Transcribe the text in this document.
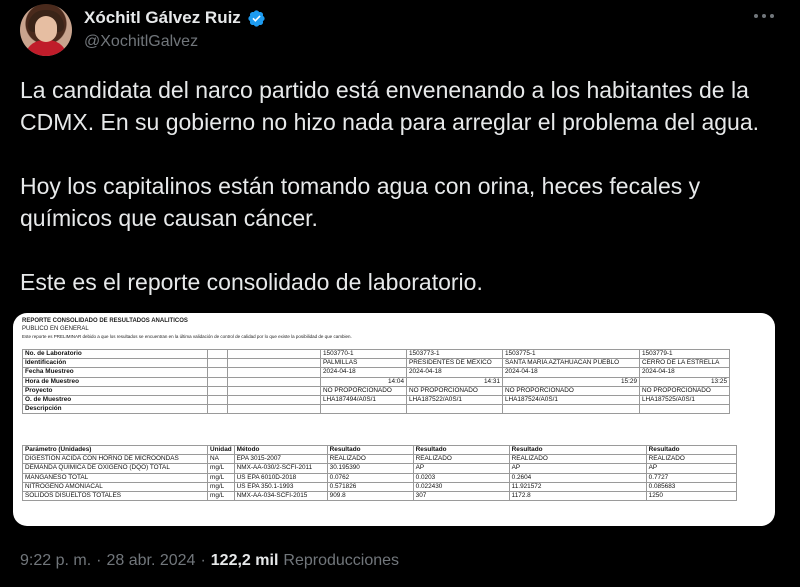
Xóchitl Gálvez Ruiz
@XochitlGalvez

La candidata del narco partido está envenenando a los habitantes de la CDMX. En su gobierno no hizo nada para arreglar el problema del agua.

Hoy los capitalinos están tomando agua con orina, heces fecales y químicos que causan cáncer.

Este es el reporte consolidado de laboratorio.

REPORTE CONSOLIDADO DE RESULTADOS ANALITICOS
PUBLICO EN GENERAL
Este reporte es PRELIMINAR debido a que los resultados se encuentran en la última validación de control de calidad por lo que existe la posibilidad de que cambien.
No. de Laboratorio			1503770-1	1503773-1	1503775-1	1503779-1
Identificación			PALMILLAS	PRESIDENTES DE MÉXICO	SANTA MARÍA AZTAHUACAN PUEBLO	CERRO DE LA ESTRELLA
Fecha Muestreo			2024-04-18	2024-04-18	2024-04-18	2024-04-18
Hora de Muestreo			14:04	14:31	15:29	13:25
Proyecto			NO PROPORCIONADO	NO PROPORCIONADO	NO PROPORCIONADO	NO PROPORCIONADO
O. de Muestreo			LHA187494/A0S/1	LHA187522/A0S/1	LHA187524/A0S/1	LHA187525/A0S/1
Descripción						
Parámetro (Unidades)	Unidad	Método	Resultado	Resultado	Resultado	Resultado
DIGESTION ACIDA CON HORNO DE MICROONDAS	NA	EPA 3015-2007	REALIZADO	REALIZADO	REALIZADO	REALIZADO
DEMANDA QUIMICA DE OXIGENO (DQO) TOTAL	mg/L	NMX-AA-030/2-SCFI-2011	30.195390	AP	AP	AP
MANGANESO TOTAL	mg/L	US EPA 6010D-2018	0.0762	0.0203	0.2604	0.7727
NITROGENO AMONIACAL	mg/L	US EPA 350.1-1993	0.571826	0.022430	11.921572	0.085683
SOLIDOS DISUELTOS TOTALES	mg/L	NMX-AA-034-SCFI-2015	909.8	307	1172.8	1250
9:22 p. m. · 28 abr. 2024 · 122,2 mil Reproducciones
